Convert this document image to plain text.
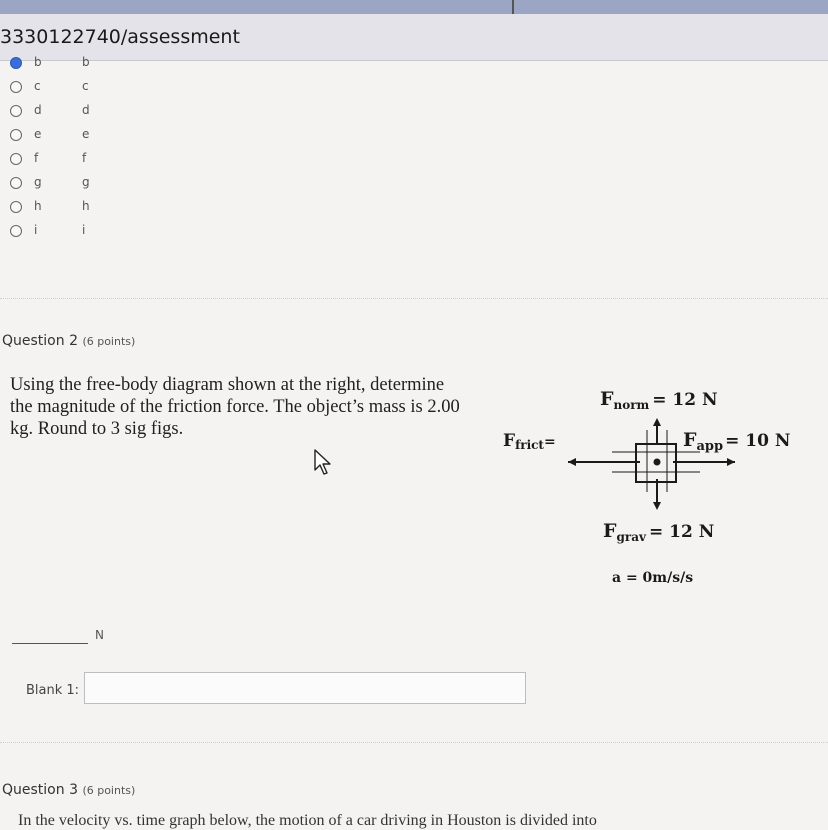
3330122740/assessment
b	b
c	c
d	d
e	e
f	f
g	g
h	h
i	i
Question 2 (6 points)
Using the free-body diagram shown at the right, determine the magnitude of the friction force. The object’s mass is 2.00 kg. Round to 3 sig figs.
$F_{norm} = 12$ N
Ffrict=	$F_{app} = 10$ N
$F_{grav} = 12$ N
a = 0m/s/s
N
Blank 1:
Question 3 (6 points)
In the velocity vs. time graph below, the motion of a car driving in Houston is divided into
